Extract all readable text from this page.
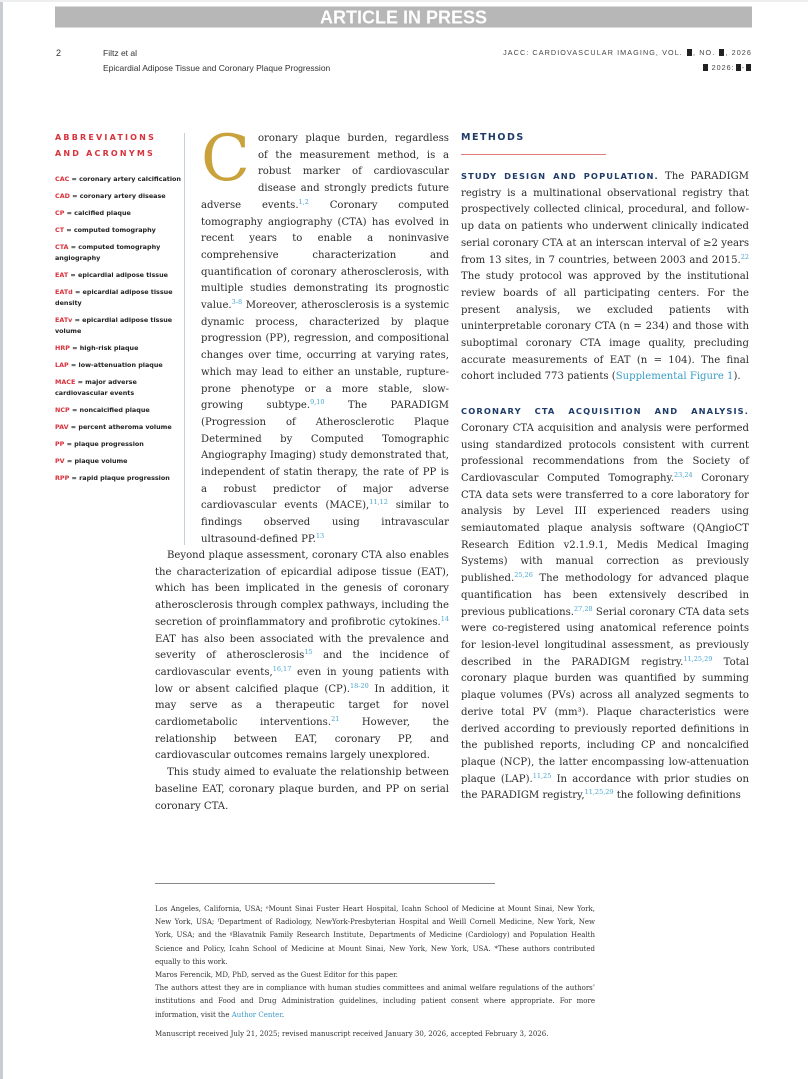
ARTICLE IN PRESS
2	Filtz et al
Epicardial Adipose Tissue and Coronary Plaque Progression
JACC: CARDIOVASCULAR IMAGING, VOL. , NO. , 2026
2026: -
ABBREVIATIONS
AND ACRONYMS
CAC = coronary artery calcification
CAD = coronary artery disease
CP = calcified plaque
CT = computed tomography
CTA = computed tomography angiography
EAT = epicardial adipose tissue
EATd = epicardial adipose tissue density
EATv = epicardial adipose tissue volume
HRP = high-risk plaque
LAP = low-attenuation plaque
MACE = major adverse cardiovascular events
NCP = noncalcified plaque
PAV = percent atheroma volume
PP = plaque progression
PV = plaque volume
RPP = rapid plaque progression

Coronary plaque burden, regardless of the measurement method, is a robust marker of cardiovascular disease and strongly predicts future adverse events.$^{1,2}$ Coronary computed tomography angiography (CTA) has evolved in recent years to enable a noninvasive comprehensive characterization and quantification of coronary atherosclerosis, with multiple studies demonstrating its prognostic value.$^{3-8}$ Moreover, atherosclerosis is a systemic dynamic process, characterized by plaque progression (PP), regression, and compositional changes over time, occurring at varying rates, which may lead to either an unstable, rupture-prone phenotype or a more stable, slow-growing subtype.$^{9,10}$ The PARADIGM (Progression of Atherosclerotic Plaque Determined by Computed Tomographic Angiography Imaging) study demonstrated that, independent of statin therapy, the rate of PP is a robust predictor of major adverse cardiovascular events (MACE),$^{11,12}$ similar to findings observed using intravascular ultrasound-defined PP.$^{13}$

Beyond plaque assessment, coronary CTA also enables the characterization of epicardial adipose tissue (EAT), which has been implicated in the genesis of coronary atherosclerosis through complex pathways, including the secretion of proinflammatory and profibrotic cytokines.$^{14}$ EAT has also been associated with the prevalence and severity of atherosclerosis$^{15}$ and the incidence of cardiovascular events,$^{16,17}$ even in young patients with low or absent calcified plaque (CP).$^{18-20}$ In addition, it may serve as a therapeutic target for novel cardiometabolic interventions.$^{21}$ However, the relationship between EAT, coronary PP, and cardiovascular outcomes remains largely unexplored.

This study aimed to evaluate the relationship between baseline EAT, coronary plaque burden, and PP on serial coronary CTA.

METHODS

STUDY DESIGN AND POPULATION. The PARADIGM registry is a multinational observational registry that prospectively collected clinical, procedural, and follow-up data on patients who underwent clinically indicated serial coronary CTA at an interscan interval of ≥2 years from 13 sites, in 7 countries, between 2003 and 2015.22 The study protocol was approved by the institutional review boards of all participating centers. For the present analysis, we excluded patients with uninterpretable coronary CTA (n = 234) and those with suboptimal coronary CTA image quality, precluding accurate measurements of EAT (n = 104). The final cohort included 773 patients (Supplemental Figure 1).

CORONARY CTA ACQUISITION AND ANALYSIS. Coronary CTA acquisition and analysis were performed using standardized protocols consistent with current professional recommendations from the Society of Cardiovascular Computed Tomography.$^{23,24}$ Coronary CTA data sets were transferred to a core laboratory for analysis by Level III experienced readers using semiautomated plaque analysis software (QAngioCT Research Edition v2.1.9.1, Medis Medical Imaging Systems) with manual correction as previously published.$^{25,26}$ The methodology for advanced plaque quantification has been extensively described in previous publications.$^{27,28}$ Serial coronary CTA data sets were co-registered using anatomical reference points for lesion-level longitudinal assessment, as previously described in the PARADIGM registry.$^{11,25,29}$ Total coronary plaque burden was quantified by summing plaque volumes (PVs) across all analyzed segments to derive total PV (mm³). Plaque characteristics were derived according to previously reported definitions in the published reports, including CP and noncalcified plaque (NCP), the latter encompassing low-attenuation plaque (LAP).$^{11,25}$ In accordance with prior studies on the PARADIGM registry,$^{11,25,29}$ the following definitions

Los Angeles, California, USA; ᵉMount Sinai Fuster Heart Hospital, Icahn School of Medicine at Mount Sinai, New York, New York, USA; ᶠDepartment of Radiology, NewYork-Presbyterian Hospital and Weill Cornell Medicine, New York, New York, USA; and the ᵍBlavatnik Family Research Institute, Departments of Medicine (Cardiology) and Population Health Science and Policy, Icahn School of Medicine at Mount Sinai, New York, New York, USA. *These authors contributed equally to this work.

Maros Ferencik, MD, PhD, served as the Guest Editor for this paper.

The authors attest they are in compliance with human studies committees and animal welfare regulations of the authors’ institutions and Food and Drug Administration guidelines, including patient consent where appropriate. For more information, visit the Author Center.

Manuscript received July 21, 2025; revised manuscript received January 30, 2026, accepted February 3, 2026.
